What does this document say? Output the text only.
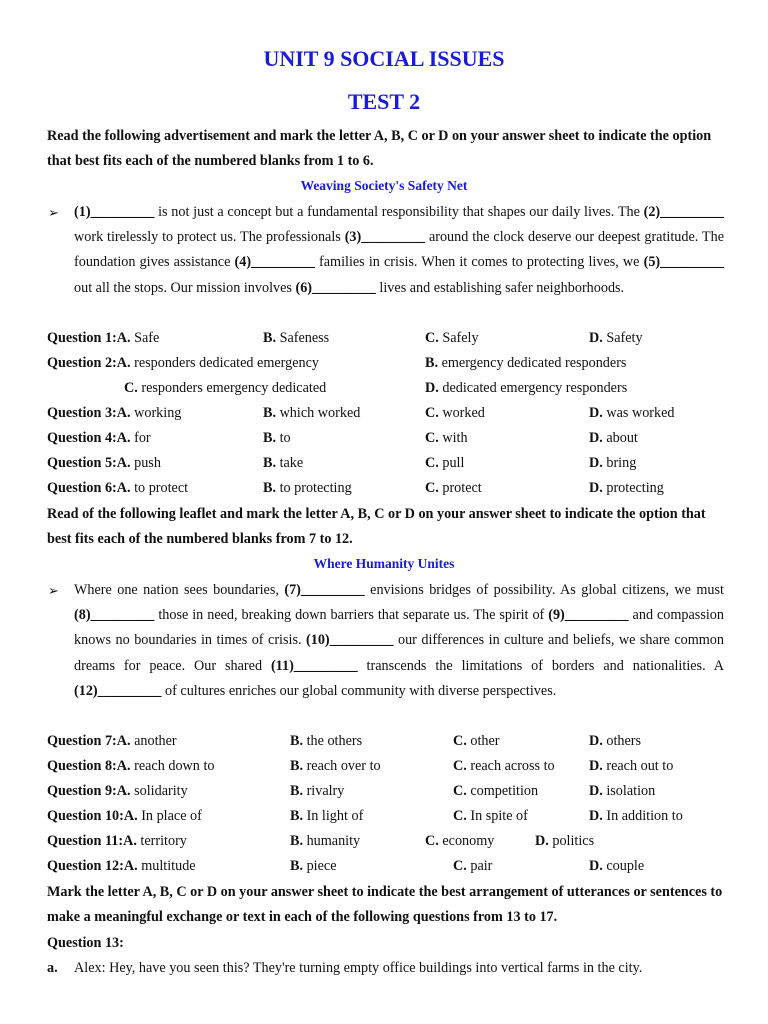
UNIT 9 SOCIAL ISSUES
TEST 2

Read the following advertisement and mark the letter A, B, C or D on your answer sheet to indicate the option that best fits each of the numbered blanks from 1 to 6.

Weaving Society's Safety Net

➢ (1)_________ is not just a concept but a fundamental responsibility that shapes our daily lives. The (2)_________ work tirelessly to protect us. The professionals (3)_________ around the clock deserve our deepest gratitude. The foundation gives assistance (4)_________ families in crisis. When it comes to protecting lives, we (5)_________ out all the stops. Our mission involves (6)_________ lives and establishing safer neighborhoods.

Question 1:A. Safe	B. Safeness	C. Safely	D. Safety
Question 2:A. responders dedicated emergency	B. emergency dedicated responders
C. responders emergency dedicated	D. dedicated emergency responders
Question 3:A. working	B. which worked	C. worked	D. was worked
Question 4:A. for	B. to	C. with	D. about
Question 5:A. push	B. take	C. pull	D. bring
Question 6:A. to protect	B. to protecting	C. protect	D. protecting

Read of the following leaflet and mark the letter A, B, C or D on your answer sheet to indicate the option that best fits each of the numbered blanks from 7 to 12.

Where Humanity Unites

➢ Where one nation sees boundaries, (7)_________ envisions bridges of possibility. As global citizens, we must (8)_________ those in need, breaking down barriers that separate us. The spirit of (9)_________ and compassion knows no boundaries in times of crisis. (10)_________ our differences in culture and beliefs, we share common dreams for peace. Our shared (11)_________ transcends the limitations of borders and nationalities. A (12)_________ of cultures enriches our global community with diverse perspectives.

Question 7:A. another	B. the others	C. other	D. others
Question 8:A. reach down to	B. reach over to	C. reach across to D. reach out to
Question 9:A. solidarity	B. rivalry	C. competition	D. isolation
Question 10:A. In place of	B. In light of	C. In spite of	D. In addition to
Question 11:A. territory	B. humanity	C. economy	D. politics
Question 12:A. multitude	B. piece	C. pair	D. couple

Mark the letter A, B, C or D on your answer sheet to indicate the best arrangement of utterances or sentences to make a meaningful exchange or text in each of the following questions from 13 to 17.

Question 13:
a. Alex: Hey, have you seen this? They're turning empty office buildings into vertical farms in the city.
